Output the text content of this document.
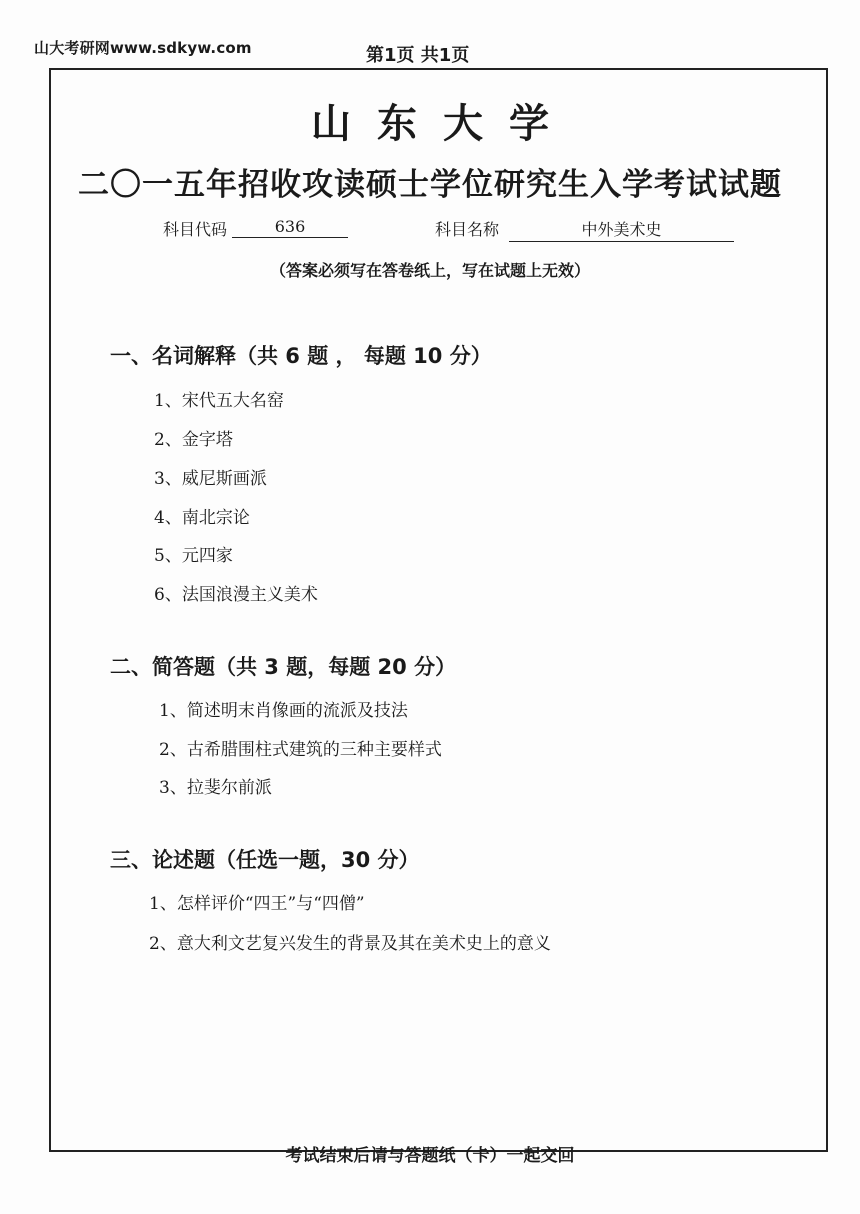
山大考研网www.sdkyw.com	第1页 共1页
山东大学
二〇一五年招收攻读硕士学位研究生入学考试试题
科目代码	636	科目名称	中外美术史
（答案必须写在答卷纸上，写在试题上无效）
一、名词解释（共 6 题 ， 每题 10 分）
1、宋代五大名窑
2、金字塔
3、威尼斯画派
4、南北宗论
5、元四家
6、法国浪漫主义美术
二、简答题（共 3 题，每题 20 分）
1、简述明末肖像画的流派及技法
2、古希腊围柱式建筑的三种主要样式
3、拉斐尔前派
三、论述题（任选一题，30 分）
1、怎样评价“四王”与“四僧”
2、意大利文艺复兴发生的背景及其在美术史上的意义
考试结束后请与答题纸（卡）一起交回
